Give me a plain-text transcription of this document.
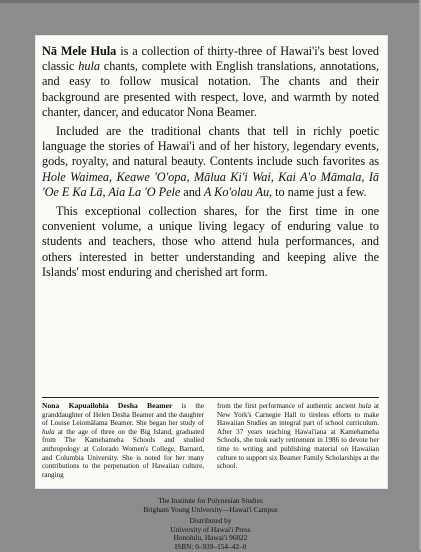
Nā Mele Hula is a collection of thirty-three of Hawai'i's best loved classic hula chants, complete with English translations, annotations, and easy to follow musical notation. The chants and their background are presented with respect, love, and warmth by noted chanter, dancer, and educator Nona Beamer.

Included are the traditional chants that tell in richly poetic language the stories of Hawai'i and of her history, legendary events, gods, royalty, and natural beauty. Contents include such favorites as Hole Waimea, Keawe 'O'opa, Mālua Ki'i Wai, Kai A'o Māmala, Iā 'Oe E Ka Lā, Aia La 'O Pele and A Ko'olau Au, to name just a few.

This exceptional collection shares, for the first time in one convenient volume, a unique living legacy of enduring value to students and teachers, those who attend hula performances, and others interested in better understanding and keeping alive the Islands' most enduring and cherished art form.

Nona Kapuailohia Desha Beamer is the granddaughter of Helen Desha Beamer and the daughter of Louise Leiomālama Beamer. She began her study of hula at the age of three on the Big Island, graduated from The Kamehameha Schools and studied anthropology at Colorado Women's College, Barnard, and Columbia University. She is noted for her many contributions to the perpetuation of Hawaiian culture, ranging
from the first performance of authentic ancient hula at New York's Carnegie Hall to tireless efforts to make Hawaiian Studies an integral part of school curriculum. After 37 years teaching Hawai'iana at Kamehameha Schools, she took early retirement in 1986 to devote her time to writing and publishing material on Hawaiian culture to support six Beamer Family Scholarships at the school.
The Institute for Polynesian Studies
Brigham Young University—Hawai'i Campus
Distributed by
University of Hawai'i Press
Honolulu, Hawai'i 96822
ISBN: 0–939–154–42–0
